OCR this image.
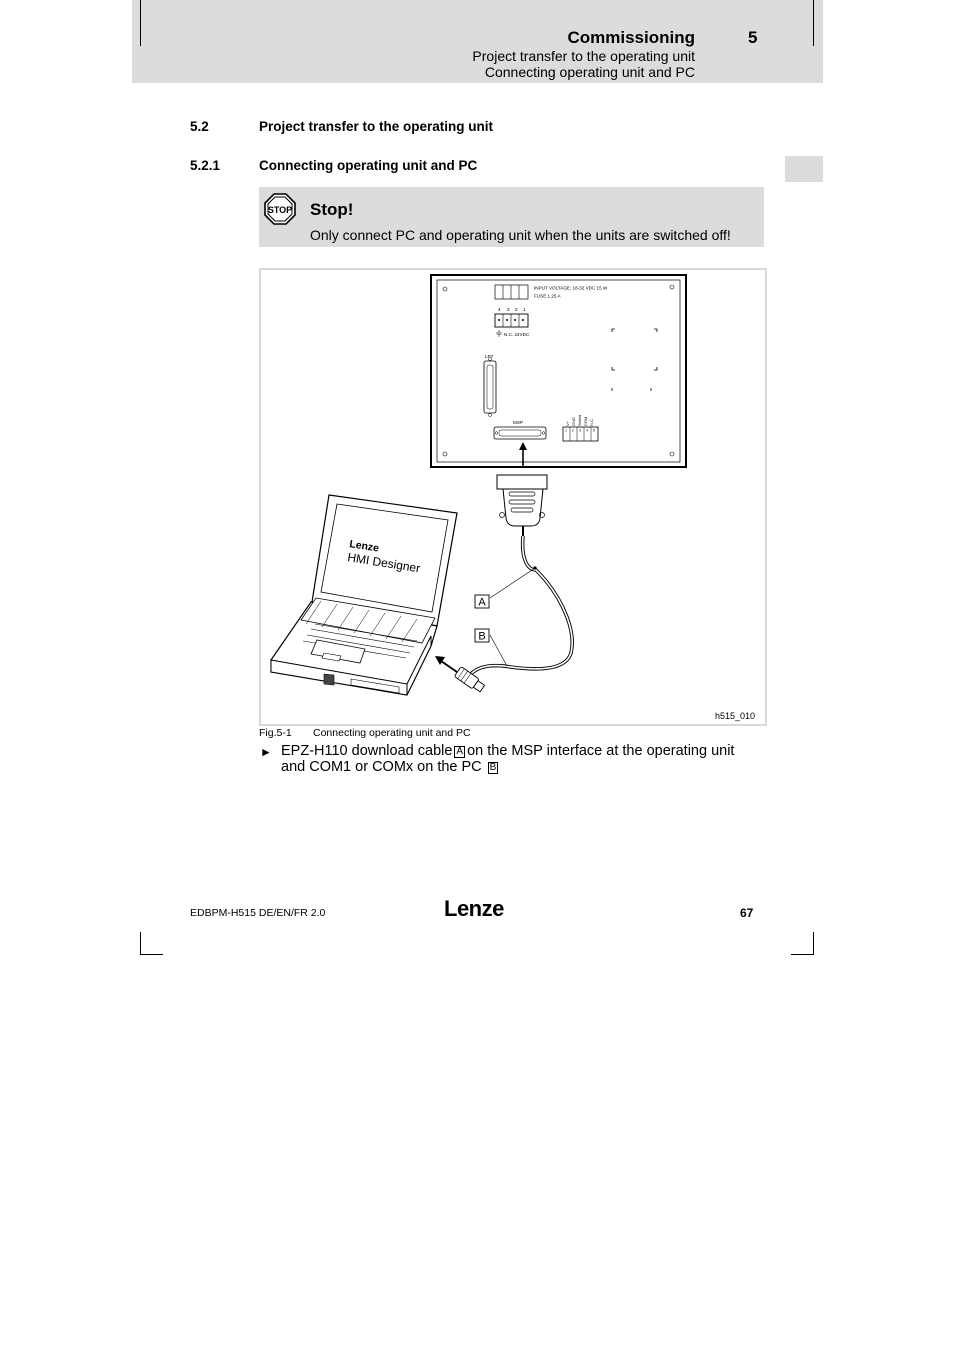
Commissioning	5
Project transfer to the operating unit
Connecting operating unit and PC
5.2	Project transfer to the operating unit
5.2.1	Connecting operating unit and PC
STOP Stop!
Only connect PC and operating unit when the units are switched off!
INPUT VOLTAGE: 18-32 VDC 15 W
FUSE 1.25 A
4 3 2 1
N.C. 24VDC
LPT
MSP	V+ GND Shield COM N.C.
1 2 3 4 5
A
B
Lenze
HMI Designer
h515_010
Fig.5-1 Connecting operating unit and PC
► EPZ-H110 download cable A on the MSP interface at the operating unit and COM1 or COMx on the PC B
EDBPM-H515 DE/EN/FR 2.0	Lenze	67
